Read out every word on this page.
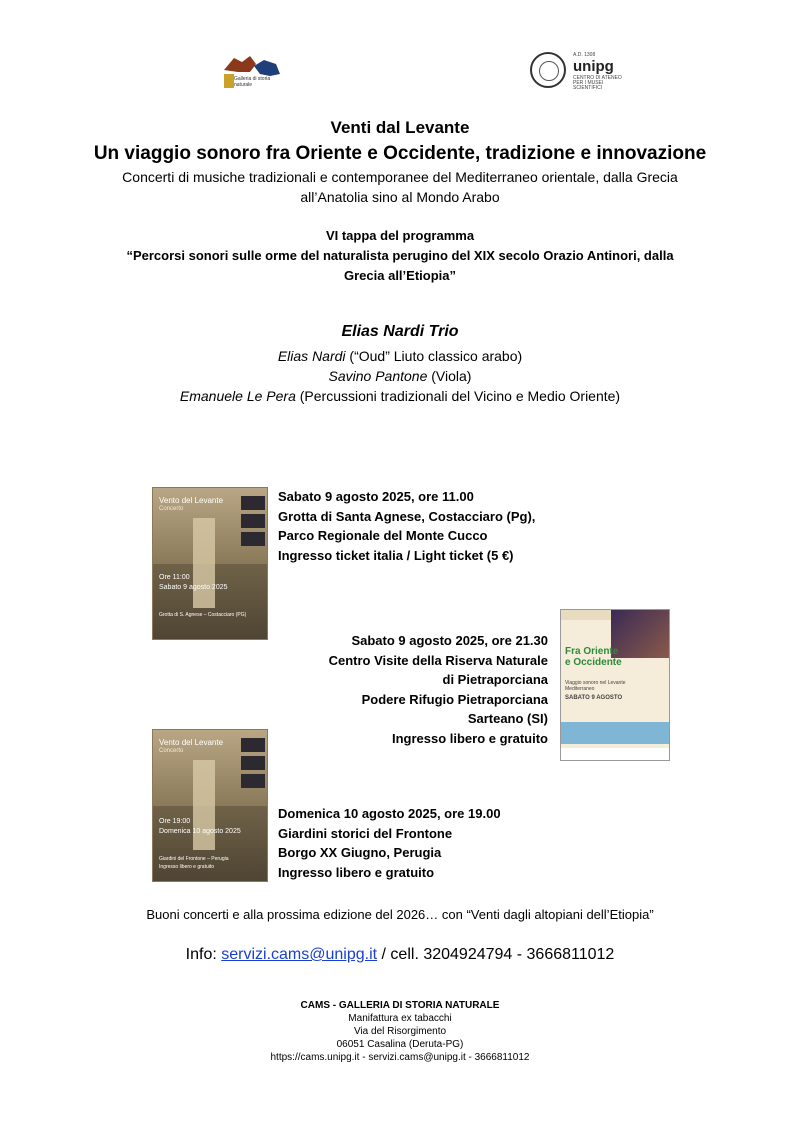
Galleria di storia naturale
A.D. 1308
unipg
CENTRO DI ATENEO PER I MUSEI SCIENTIFICI
Venti dal Levante
Un viaggio sonoro fra Oriente e Occidente, tradizione e innovazione
Concerti di musiche tradizionali e contemporanee del Mediterraneo orientale, dalla Grecia all’Anatolia sino al Mondo Arabo
VI tappa del programma
“Percorsi sonori sulle orme del naturalista perugino del XIX secolo Orazio Antinori, dalla Grecia all’Etiopia”
Elias Nardi Trio
Elias Nardi (“Oud” Liuto classico arabo)
Savino Pantone (Viola)
Emanuele Le Pera (Percussioni tradizionali del Vicino e Medio Oriente)
Vento del Levante
Concerto
Ore 11:00
Sabato 9 agosto 2025
Grotta di S. Agnese – Costacciaro (PG)
Sabato 9 agosto 2025, ore 11.00
Grotta di Santa Agnese, Costacciaro (Pg),
Parco Regionale del Monte Cucco
Ingresso ticket italia / Light ticket (5 €)
Sabato 9 agosto 2025, ore 21.30
Centro Visite della Riserva Naturale
di Pietraporciana
Podere Rifugio Pietraporciana
Sarteano (SI)
Ingresso libero e gratuito
Fra Oriente e Occidente
Viaggio sonoro nel Levante Mediterraneo
SABATO 9 AGOSTO
Vento del Levante
Concerto
Ore 19:00
Domenica 10 agosto 2025
Giardini del Frontone – Perugia
Ingresso libero e gratuito
Domenica 10 agosto 2025, ore 19.00
Giardini storici del Frontone
Borgo XX Giugno, Perugia
Ingresso libero e gratuito
Buoni concerti e alla prossima edizione del 2026… con “Venti dagli altopiani dell’Etiopia”
Info: servizi.cams@unipg.it / cell. 3204924794 - 3666811012
CAMS - GALLERIA DI STORIA NATURALE
Manifattura ex tabacchi
Via del Risorgimento
06051 Casalina (Deruta-PG)
https://cams.unipg.it - servizi.cams@unipg.it - 3666811012
